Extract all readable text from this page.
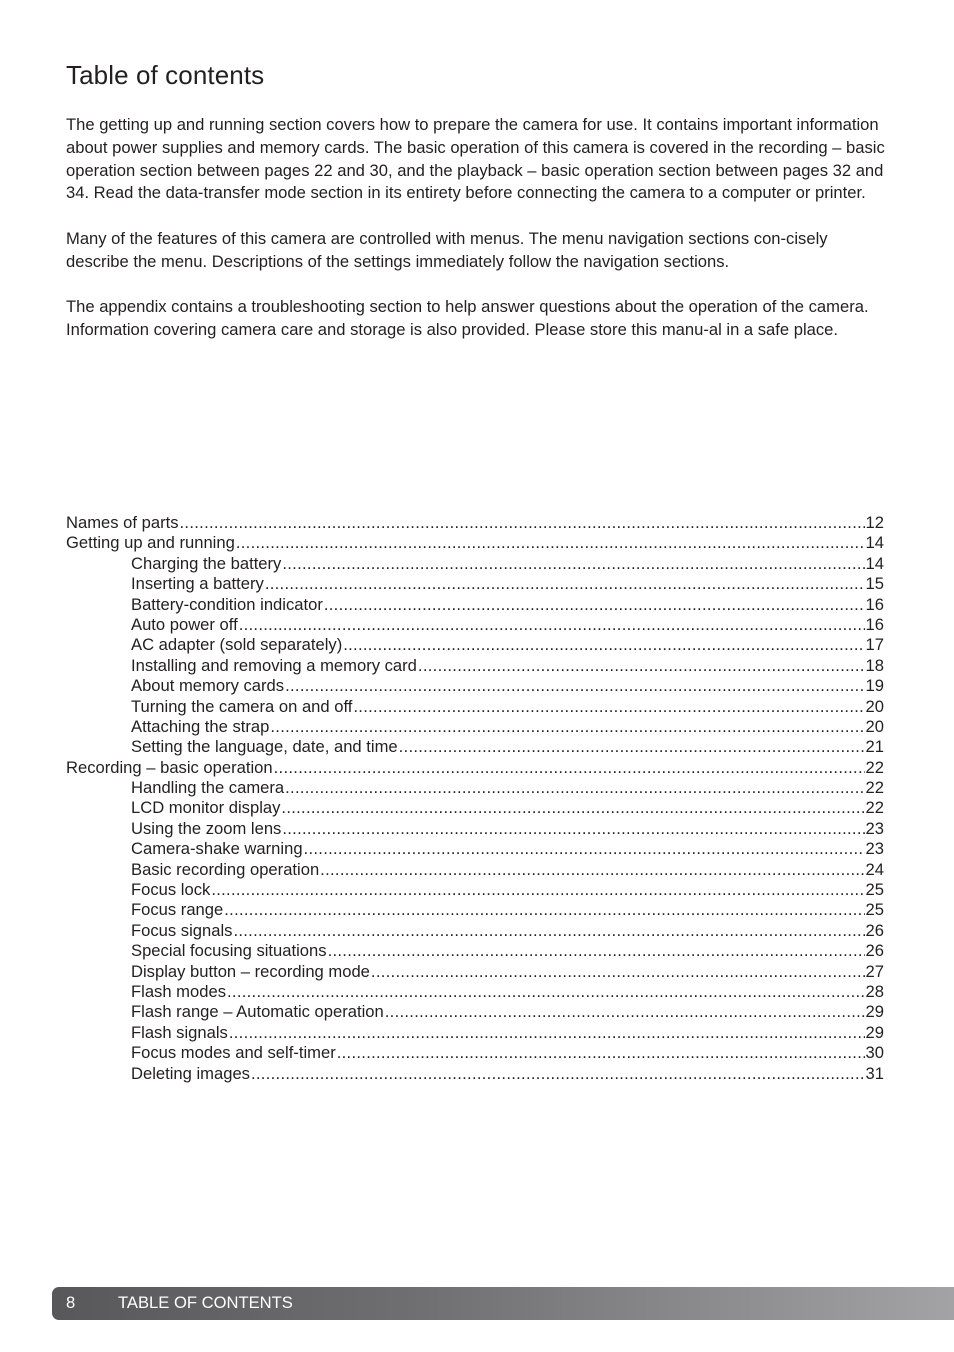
Table of contents

The getting up and running section covers how to prepare the camera for use. It contains important information about power supplies and memory cards. The basic operation of this camera is covered in the recording – basic operation section between pages 22 and 30, and the playback – basic operation section between pages 32 and 34. Read the data-transfer mode section in its entirety before connecting the camera to a computer or printer.

Many of the features of this camera are controlled with menus. The menu navigation sections con-cisely describe the menu. Descriptions of the settings immediately follow the navigation sections.

The appendix contains a troubleshooting section to help answer questions about the operation of the camera. Information covering camera care and storage is also provided. Please store this manu-al in a safe place.

Names of parts .....	12
Getting up and running .....	14
Charging the battery .....	14
Inserting a battery .....	15
Battery-condition indicator .....	16
Auto power off .....	16
AC adapter (sold separately) .....	17
Installing and removing a memory card .....	18
About memory cards .....	19
Turning the camera on and off .....	20
Attaching the strap .....	20
Setting the language, date, and time .....	21
Recording – basic operation .....	22
Handling the camera .....	22
LCD monitor display .....	22
Using the zoom lens .....	23
Camera-shake warning .....	23
Basic recording operation .....	24
Focus lock .....	25
Focus range .....	25
Focus signals .....	26
Special focusing situations .....	26
Display button – recording mode .....	27
Flash modes .....	28
Flash range – Automatic operation .....	29
Flash signals .....	29
Focus modes and self-timer .....	30
Deleting images .....	31
8	TABLE OF CONTENTS
